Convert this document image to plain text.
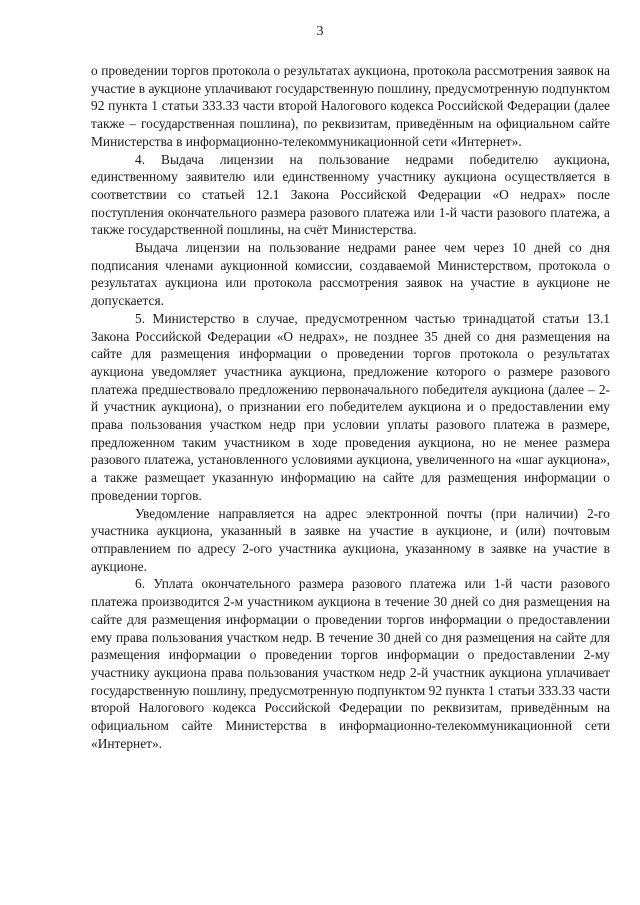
3

о проведении торгов протокола о результатах аукциона, протокола рассмотрения заявок на участие в аукционе уплачивают государственную пошлину, предусмотренную подпунктом 92 пункта 1 статьи 333.33 части второй Налогового кодекса Российской Федерации (далее также – государственная пошлина), по реквизитам, приведённым на официальном сайте Министерства в информационно-телекоммуникационной сети «Интернет».

4. Выдача лицензии на пользование недрами победителю аукциона, единственному заявителю или единственному участнику аукциона осуществляется в соответствии со статьей 12.1 Закона Российской Федерации «О недрах» после поступления окончательного размера разового платежа или 1-й части разового платежа, а также государственной пошлины, на счёт Министерства.

Выдача лицензии на пользование недрами ранее чем через 10 дней со дня подписания членами аукционной комиссии, создаваемой Министерством, протокола о результатах аукциона или протокола рассмотрения заявок на участие в аукционе не допускается.

5. Министерство в случае, предусмотренном частью тринадцатой статьи 13.1 Закона Российской Федерации «О недрах», не позднее 35 дней со дня размещения на сайте для размещения информации о проведении торгов протокола о результатах аукциона уведомляет участника аукциона, предложение которого о размере разового платежа предшествовало предложению первоначального победителя аукциона (далее – 2-й участник аукциона), о признании его победителем аукциона и о предоставлении ему права пользования участком недр при условии уплаты разового платежа в размере, предложенном таким участником в ходе проведения аукциона, но не менее размера разового платежа, установленного условиями аукциона, увеличенного на «шаг аукциона», а также размещает указанную информацию на сайте для размещения информации о проведении торгов.

Уведомление направляется на адрес электронной почты (при наличии) 2-го участника аукциона, указанный в заявке на участие в аукционе, и (или) почтовым отправлением по адресу 2-ого участника аукциона, указанному в заявке на участие в аукционе.

6. Уплата окончательного размера разового платежа или 1-й части разового платежа производится 2-м участником аукциона в течение 30 дней со дня размещения на сайте для размещения информации о проведении торгов информации о предоставлении ему права пользования участком недр. В течение 30 дней со дня размещения на сайте для размещения информации о проведении торгов информации о предоставлении 2-му участнику аукциона права пользования участком недр 2-й участник аукциона уплачивает государственную пошлину, предусмотренную подпунктом 92 пункта 1 статьи 333.33 части второй Налогового кодекса Российской Федерации по реквизитам, приведённым на официальном сайте Министерства в информационно-телекоммуникационной сети «Интернет».
